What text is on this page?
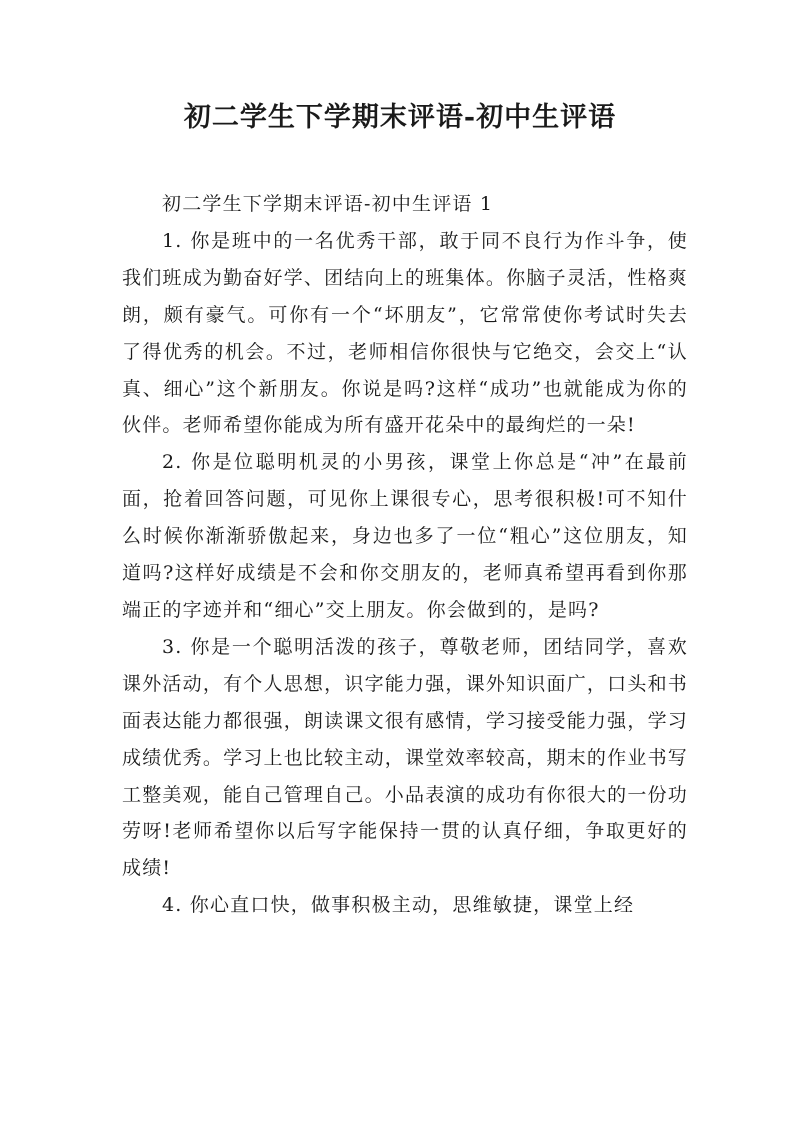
初二学生下学期末评语-初中生评语

初二学生下学期末评语-初中生评语 1

1. 你是班中的一名优秀干部，敢于同不良行为作斗争，使我们班成为勤奋好学、团结向上的班集体。你脑子灵活，性格爽朗，颇有豪气。可你有一个“坏朋友”，它常常使你考试时失去了得优秀的机会。不过，老师相信你很快与它绝交，会交上“认真、细心”这个新朋友。你说是吗?这样“成功”也就能成为你的伙伴。老师希望你能成为所有盛开花朵中的最绚烂的一朵!

2. 你是位聪明机灵的小男孩，课堂上你总是“冲”在最前面，抢着回答问题，可见你上课很专心，思考很积极!可不知什么时候你渐渐骄傲起来，身边也多了一位“粗心”这位朋友，知道吗?这样好成绩是不会和你交朋友的，老师真希望再看到你那端正的字迹并和“细心”交上朋友。你会做到的，是吗?

3. 你是一个聪明活泼的孩子，尊敬老师，团结同学，喜欢课外活动，有个人思想，识字能力强，课外知识面广，口头和书面表达能力都很强，朗读课文很有感情，学习接受能力强，学习成绩优秀。学习上也比较主动，课堂效率较高，期末的作业书写工整美观，能自己管理自己。小品表演的成功有你很大的一份功劳呀!老师希望你以后写字能保持一贯的认真仔细，争取更好的成绩!

4. 你心直口快，做事积极主动，思维敏捷，课堂上经
